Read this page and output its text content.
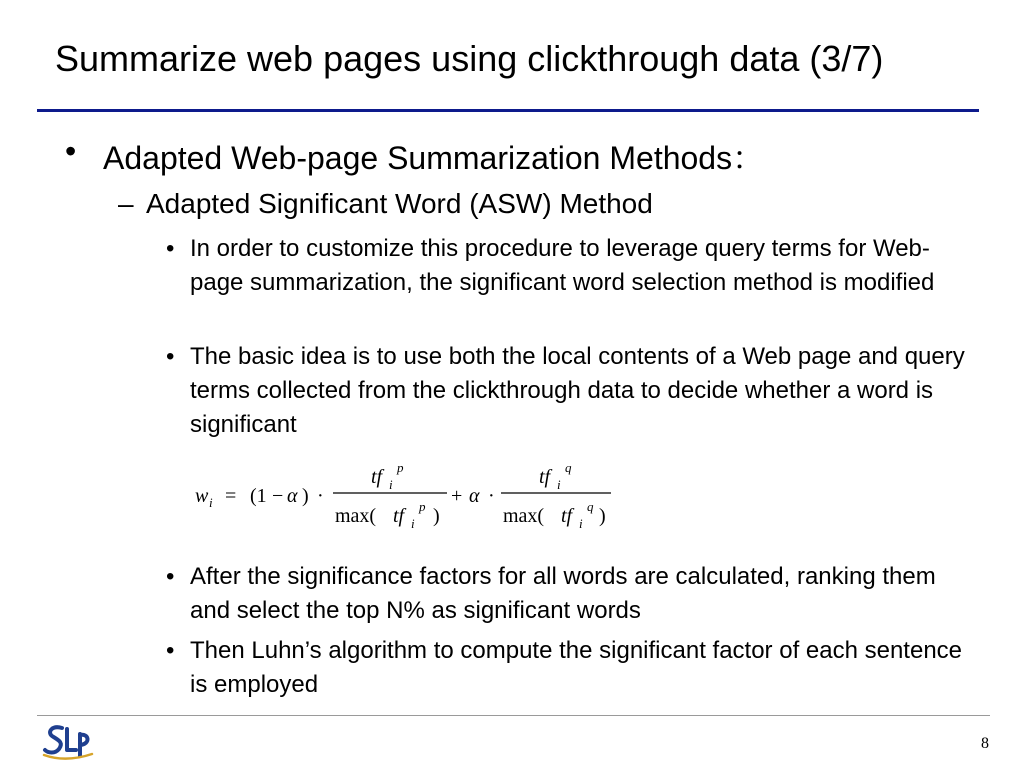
Summarize web pages using clickthrough data (3/7)
• Adapted Web-page Summarization Methods：
– Adapted Significant Word (ASW) Method
• In order to customize this procedure to leverage query terms for Web-page summarization, the significant word selection method is modified
• The basic idea is to use both the local contents of a Web page and query terms collected from the clickthrough data to decide whether a word is significant
w i = (1 − α ) ·
tf i
p
max( tf i
p )
+ α ·
tf i
q
max( tf i
q )
• After the significance factors for all words are calculated, ranking them and select the top N% as significant words
• Then Luhn’s algorithm to compute the significant factor of each sentence is employed
8
